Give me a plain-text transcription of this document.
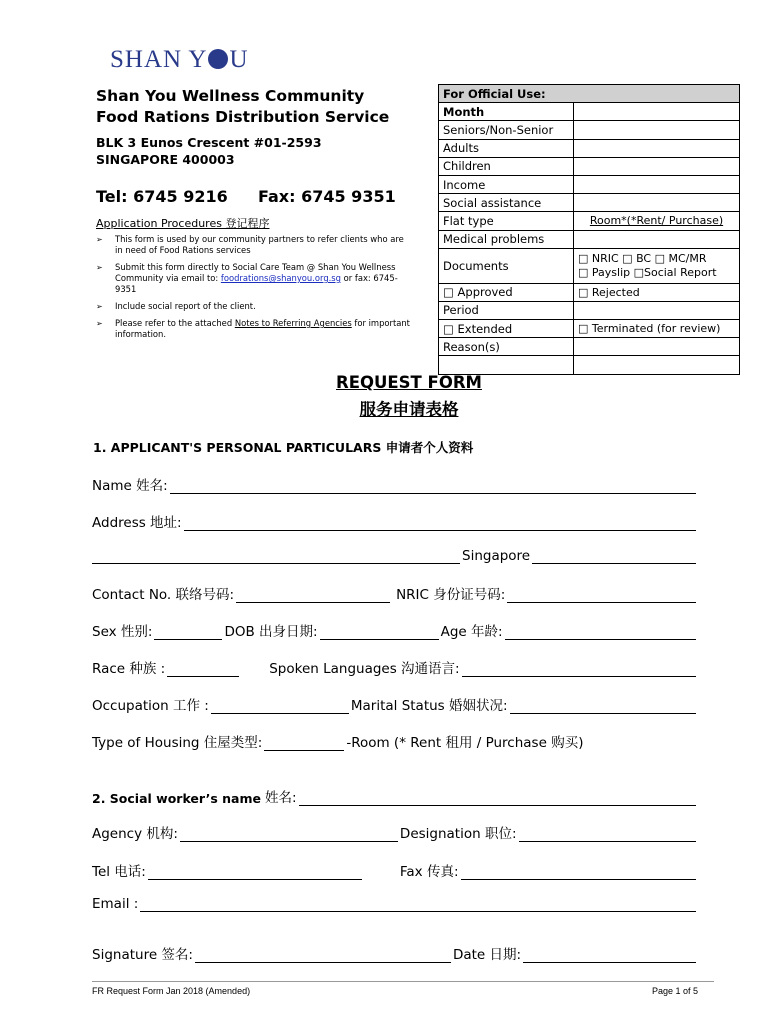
SHAN Y U
Shan You Wellness Community
Food Rations Distribution Service
BLK 3 Eunos Crescent #01-2593
SINGAPORE 400003
Tel: 6745 9216 Fax: 6745 9351
Application Procedures 登记程序
➢ This form is used by our community partners to refer clients who are in need of Food Rations services
➢ Submit this form directly to Social Care Team @ Shan You Wellness Community via email to: foodrations@shanyou.org.sg or fax: 6745-9351
➢ Include social report of the client.
➢ Please refer to the attached Notes to Referring Agencies for important information.
For Official Use:	
Month	
Seniors/Non-Senior	
Adults	
Children	
Income	
Social assistance	
Flat type	Room*(*Rent/ Purchase)
Medical problems	
Documents	□ NRIC □ BC □ MC/MR
□ Payslip □Social Report

□ Approved	□ Rejected
Period	
□ Extended	□ Terminated (for review)
Reason(s)	

REQUEST FORM
服务申请表格
1. APPLICANT'S PERSONAL PARTICULARS 申请者个人资料
Name 姓名:
Address 地址:
Singapore
Contact No. 联络号码:	NRIC 身份证号码:
Sex 性别:	DOB 出身日期:	Age 年龄:
Race 种族 :	Spoken Languages 沟通语言:
Occupation 工作 :	Marital Status 婚姻状况:
Type of Housing 住屋类型:	-Room (* Rent 租用 / Purchase 购买)
2. Social worker’s name 姓名:
Agency 机构:	Designation 职位:
Tel 电话:	Fax 传真:
Email :
Signature 签名:	Date 日期:
FR Request Form Jan 2018 (Amended)	Page 1 of 5
